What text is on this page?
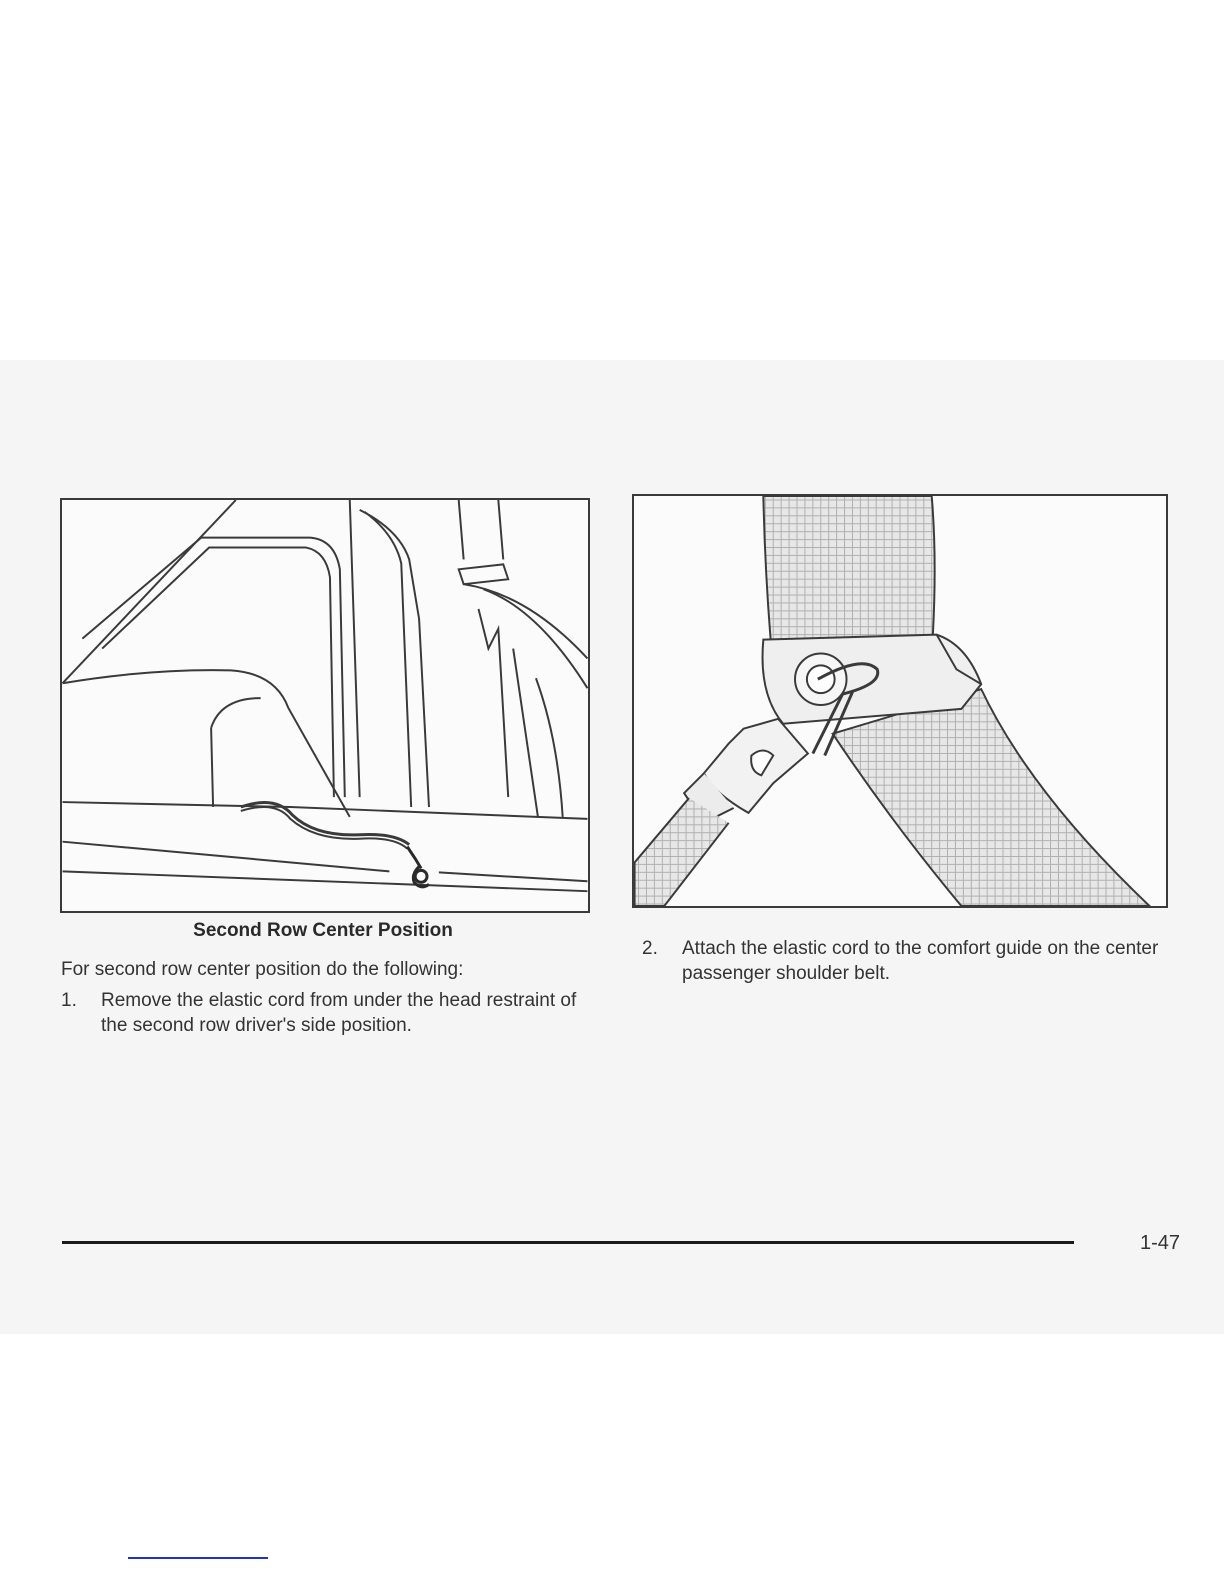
Second Row Center Position
For second row center position do the following:
1. Remove the elastic cord from under the head restraint of the second row driver's side position.
2. Attach the elastic cord to the comfort guide on the center passenger shoulder belt.
1-47
